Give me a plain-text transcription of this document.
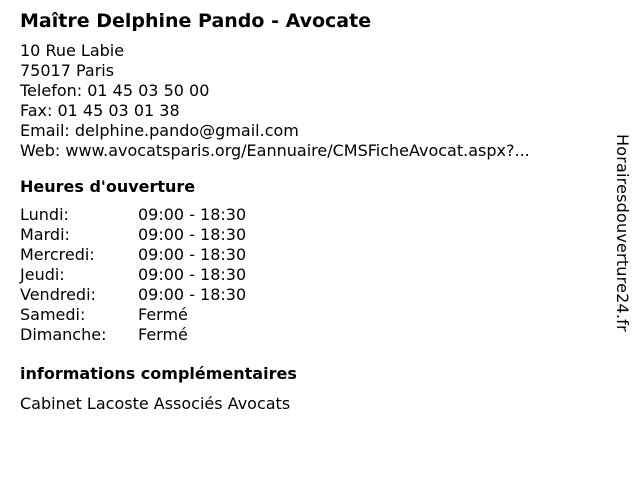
Maître Delphine Pando - Avocate
10 Rue Labie
75017 Paris
Telefon: 01 45 03 50 00
Fax: 01 45 03 01 38
Email: delphine.pando@gmail.com
Web: www.avocatsparis.org/Eannuaire/CMSFicheAvocat.aspx?...
Heures d'ouverture
Lundi:	09:00 - 18:30
Mardi:	09:00 - 18:30
Mercredi:	09:00 - 18:30
Jeudi:	09:00 - 18:30
Vendredi:	09:00 - 18:30
Samedi:	Fermé
Dimanche:	Fermé
informations complémentaires
Cabinet Lacoste Associés Avocats
Horairesdouverture24.fr
